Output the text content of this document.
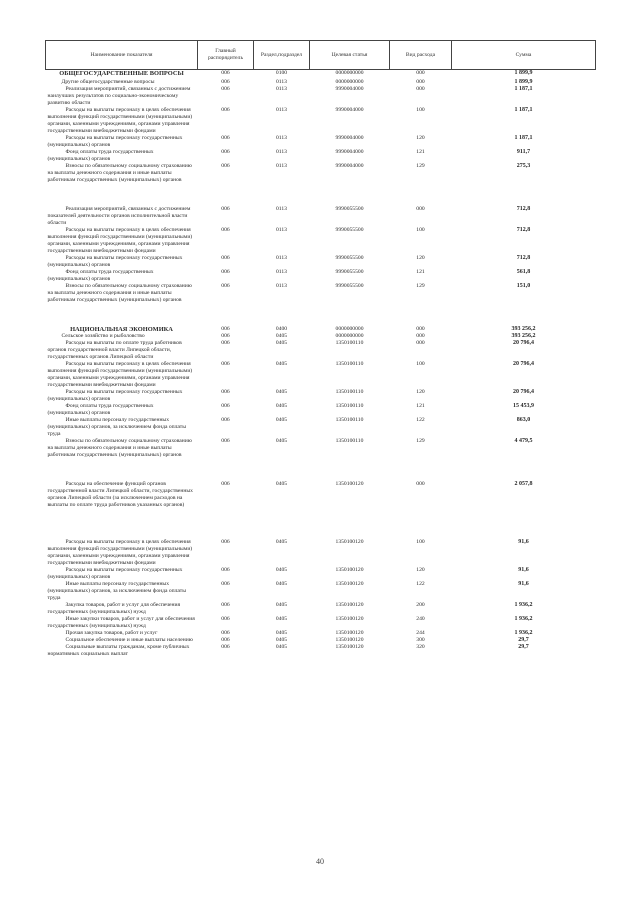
Наименование показателя	Главный распорядитель	Раздел,подраздел	Целевая статья	Вид расхода	Сумма
ОБЩЕГОСУДАРСТВЕННЫЕ ВОПРОСЫ	006	0100	0000000000	000	1 899,9
Другие общегосударственные вопросы	006	0113	0000000000	000	1 899,9
Реализация мероприятий, связанных с достижением наилучших результатов по социально-экономическому развитию области	006	0113	9990004000	000	1 187,1
Расходы на выплаты персоналу в целях обеспечения выполнения функций государственными (муниципальными) органами, казенными учреждениями, органами управления государственными внебюджетными фондами	006	0113	9990004000	100	1 187,1
Расходы на выплаты персоналу государственных (муниципальных) органов	006	0113	9990004000	120	1 187,1
Фонд оплаты труда государственных (муниципальных) органов	006	0113	9990004000	121	911,7
Взносы по обязательному социальному страхованию на выплаты денежного содержания и иные выплаты работникам государственных (муниципальных) органов	006	0113	9990004000	129	275,3
Реализация мероприятий, связанных с достижением показателей деятельности органов исполнительной власти области	006	0113	9990055500	000	712,8
Расходы на выплаты персоналу в целях обеспечения выполнения функций государственными (муниципальными) органами, казенными учреждениями, органами управления государственными внебюджетными фондами	006	0113	9990055500	100	712,8
Расходы на выплаты персоналу государственных (муниципальных) органов	006	0113	9990055500	120	712,8
Фонд оплаты труда государственных (муниципальных) органов	006	0113	9990055500	121	561,8
Взносы по обязательному социальному страхованию на выплаты денежного содержания и иные выплаты работникам государственных (муниципальных) органов	006	0113	9990055500	129	151,0
НАЦИОНАЛЬНАЯ ЭКОНОМИКА	006	0400	0000000000	000	393 256,2
Сельское хозяйство и рыболовство	006	0405	0000000000	000	393 256,2
Расходы на выплаты по оплате труда работников органов государственной власти Липецкой области, государственных органов Липецкой области	006	0405	1350100110	000	20 796,4
Расходы на выплаты персоналу в целях обеспечения выполнения функций государственными (муниципальными) органами, казенными учреждениями, органами управления государственными внебюджетными фондами	006	0405	1350100110	100	20 796,4
Расходы на выплаты персоналу государственных (муниципальных) органов	006	0405	1350100110	120	20 796,4
Фонд оплаты труда государственных (муниципальных) органов	006	0405	1350100110	121	15 453,9
Иные выплаты персоналу государственных (муниципальных) органов, за исключением фонда оплаты труда	006	0405	1350100110	122	863,0
Взносы по обязательному социальному страхованию на выплаты денежного содержания и иные выплаты работникам государственных (муниципальных) органов	006	0405	1350100110	129	4 479,5
Расходы на обеспечение функций органов государственной власти Липецкой области, государственных органов Липецкой области (за исключением расходов на выплаты по оплате труда работников указанных органов)	006	0405	1350100120	000	2 057,8
Расходы на выплаты персоналу в целях обеспечения выполнения функций государственными (муниципальными) органами, казенными учреждениями, органами управления государственными внебюджетными фондами	006	0405	1350100120	100	91,6
Расходы на выплаты персоналу государственных (муниципальных) органов	006	0405	1350100120	120	91,6
Иные выплаты персоналу государственных (муниципальных) органов, за исключением фонда оплаты труда	006	0405	1350100120	122	91,6
Закупка товаров, работ и услуг для обеспечения государственных (муниципальных) нужд	006	0405	1350100120	200	1 936,2
Иные закупки товаров, работ и услуг для обеспечения государственных (муниципальных) нужд	006	0405	1350100120	240	1 936,2
Прочая закупка товаров, работ и услуг	006	0405	1350100120	244	1 936,2
Социальное обеспечение и иные выплаты населению	006	0405	1350100120	300	29,7
Социальные выплаты гражданам, кроме публичных нормативных социальных выплат	006	0405	1350100120	320	29,7
40
